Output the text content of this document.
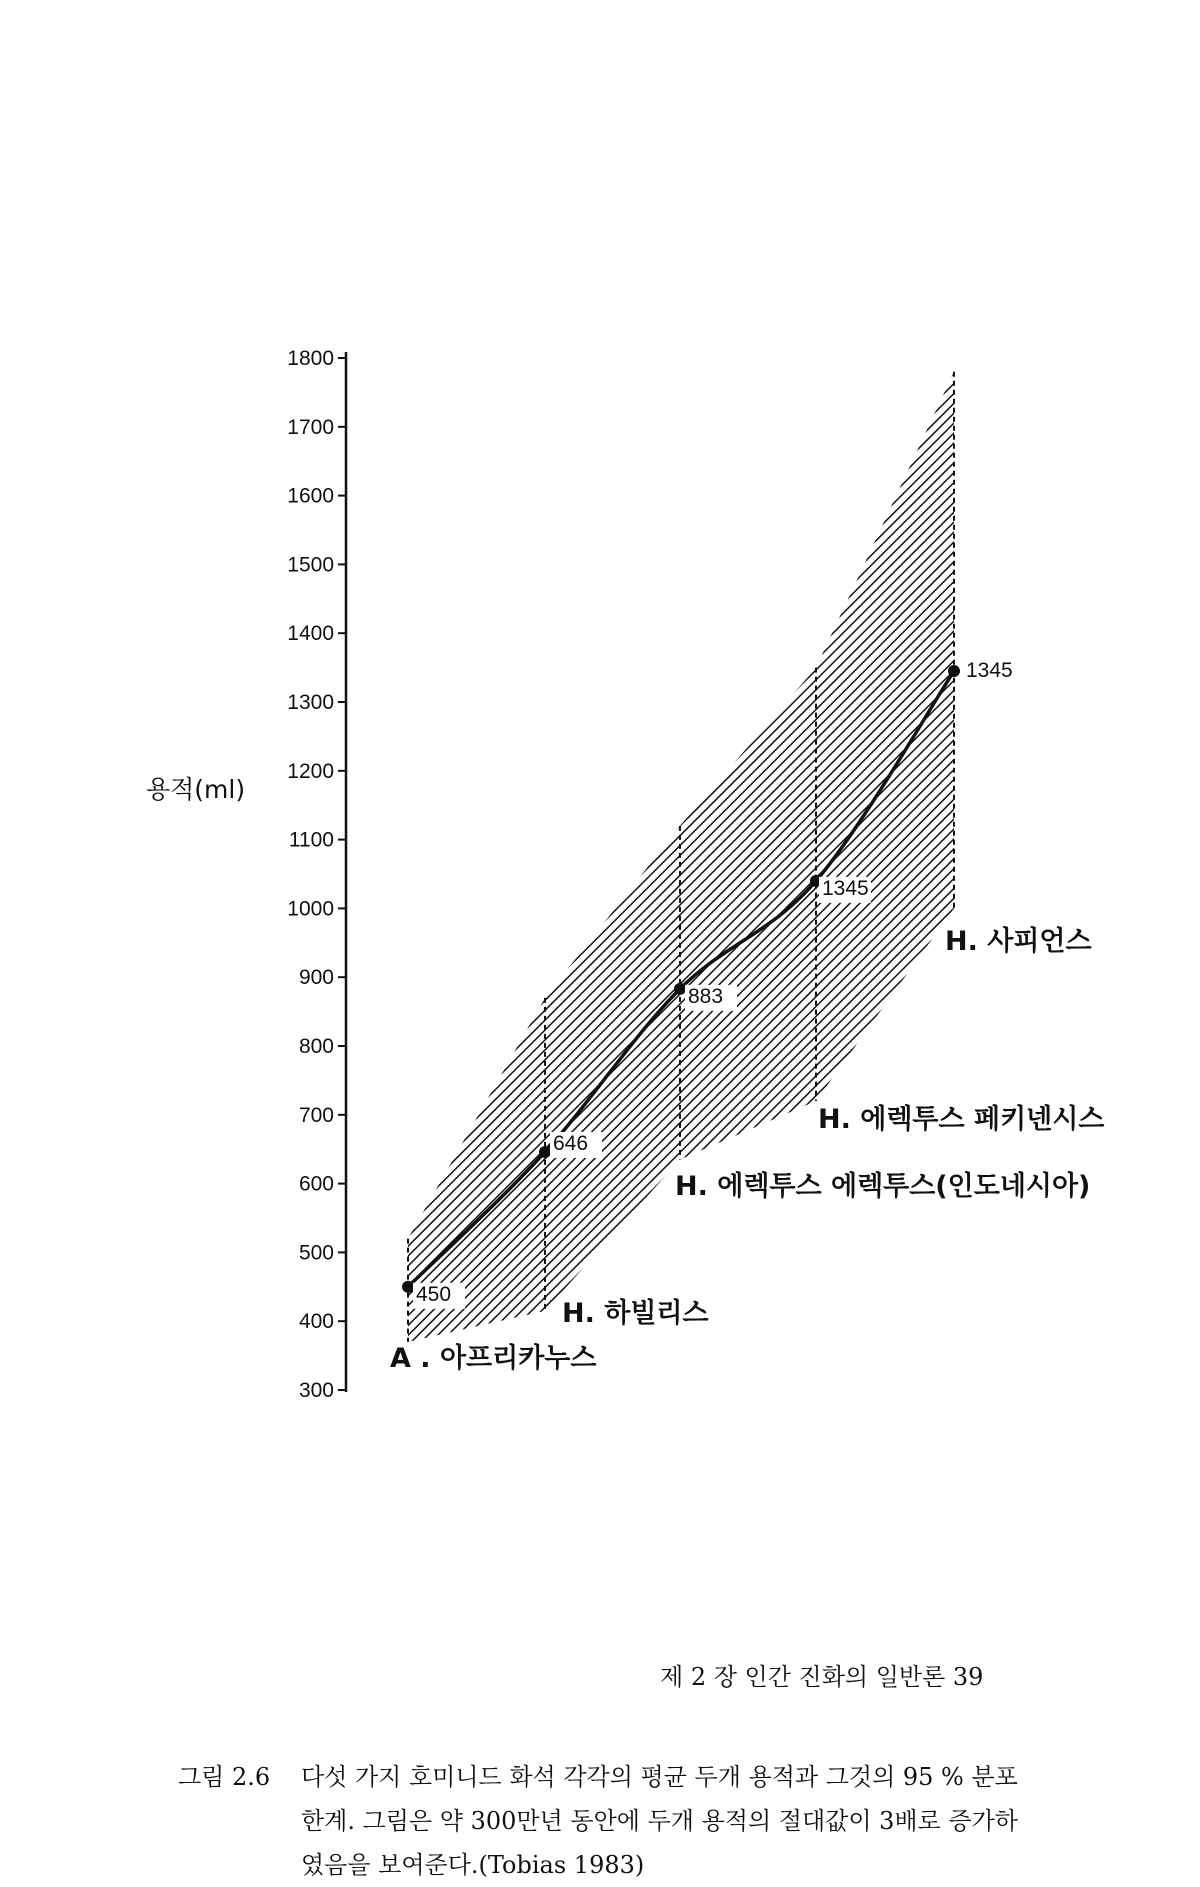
1800
1700
1600
1500
1400
1300
1200
1100
1000
900
800
700
600
500
400
300
450
646
883
1345
1345
A . 아프리카누스
H. 하빌리스
H. 에렉투스 에렉투스(인도네시아)
H. 에렉투스 페키넨시스
H. 사피언스
용적(ml)
그림 2.6	다섯 가지 호미니드 화석 각각의 평균 두개 용적과 그것의 95 % 분포
한계. 그림은 약 300만년 동안에 두개 용적의 절대값이 3배로 증가하
였음을 보여준다.(Tobias 1983)
제 2 장 인간 진화의 일반론 39
